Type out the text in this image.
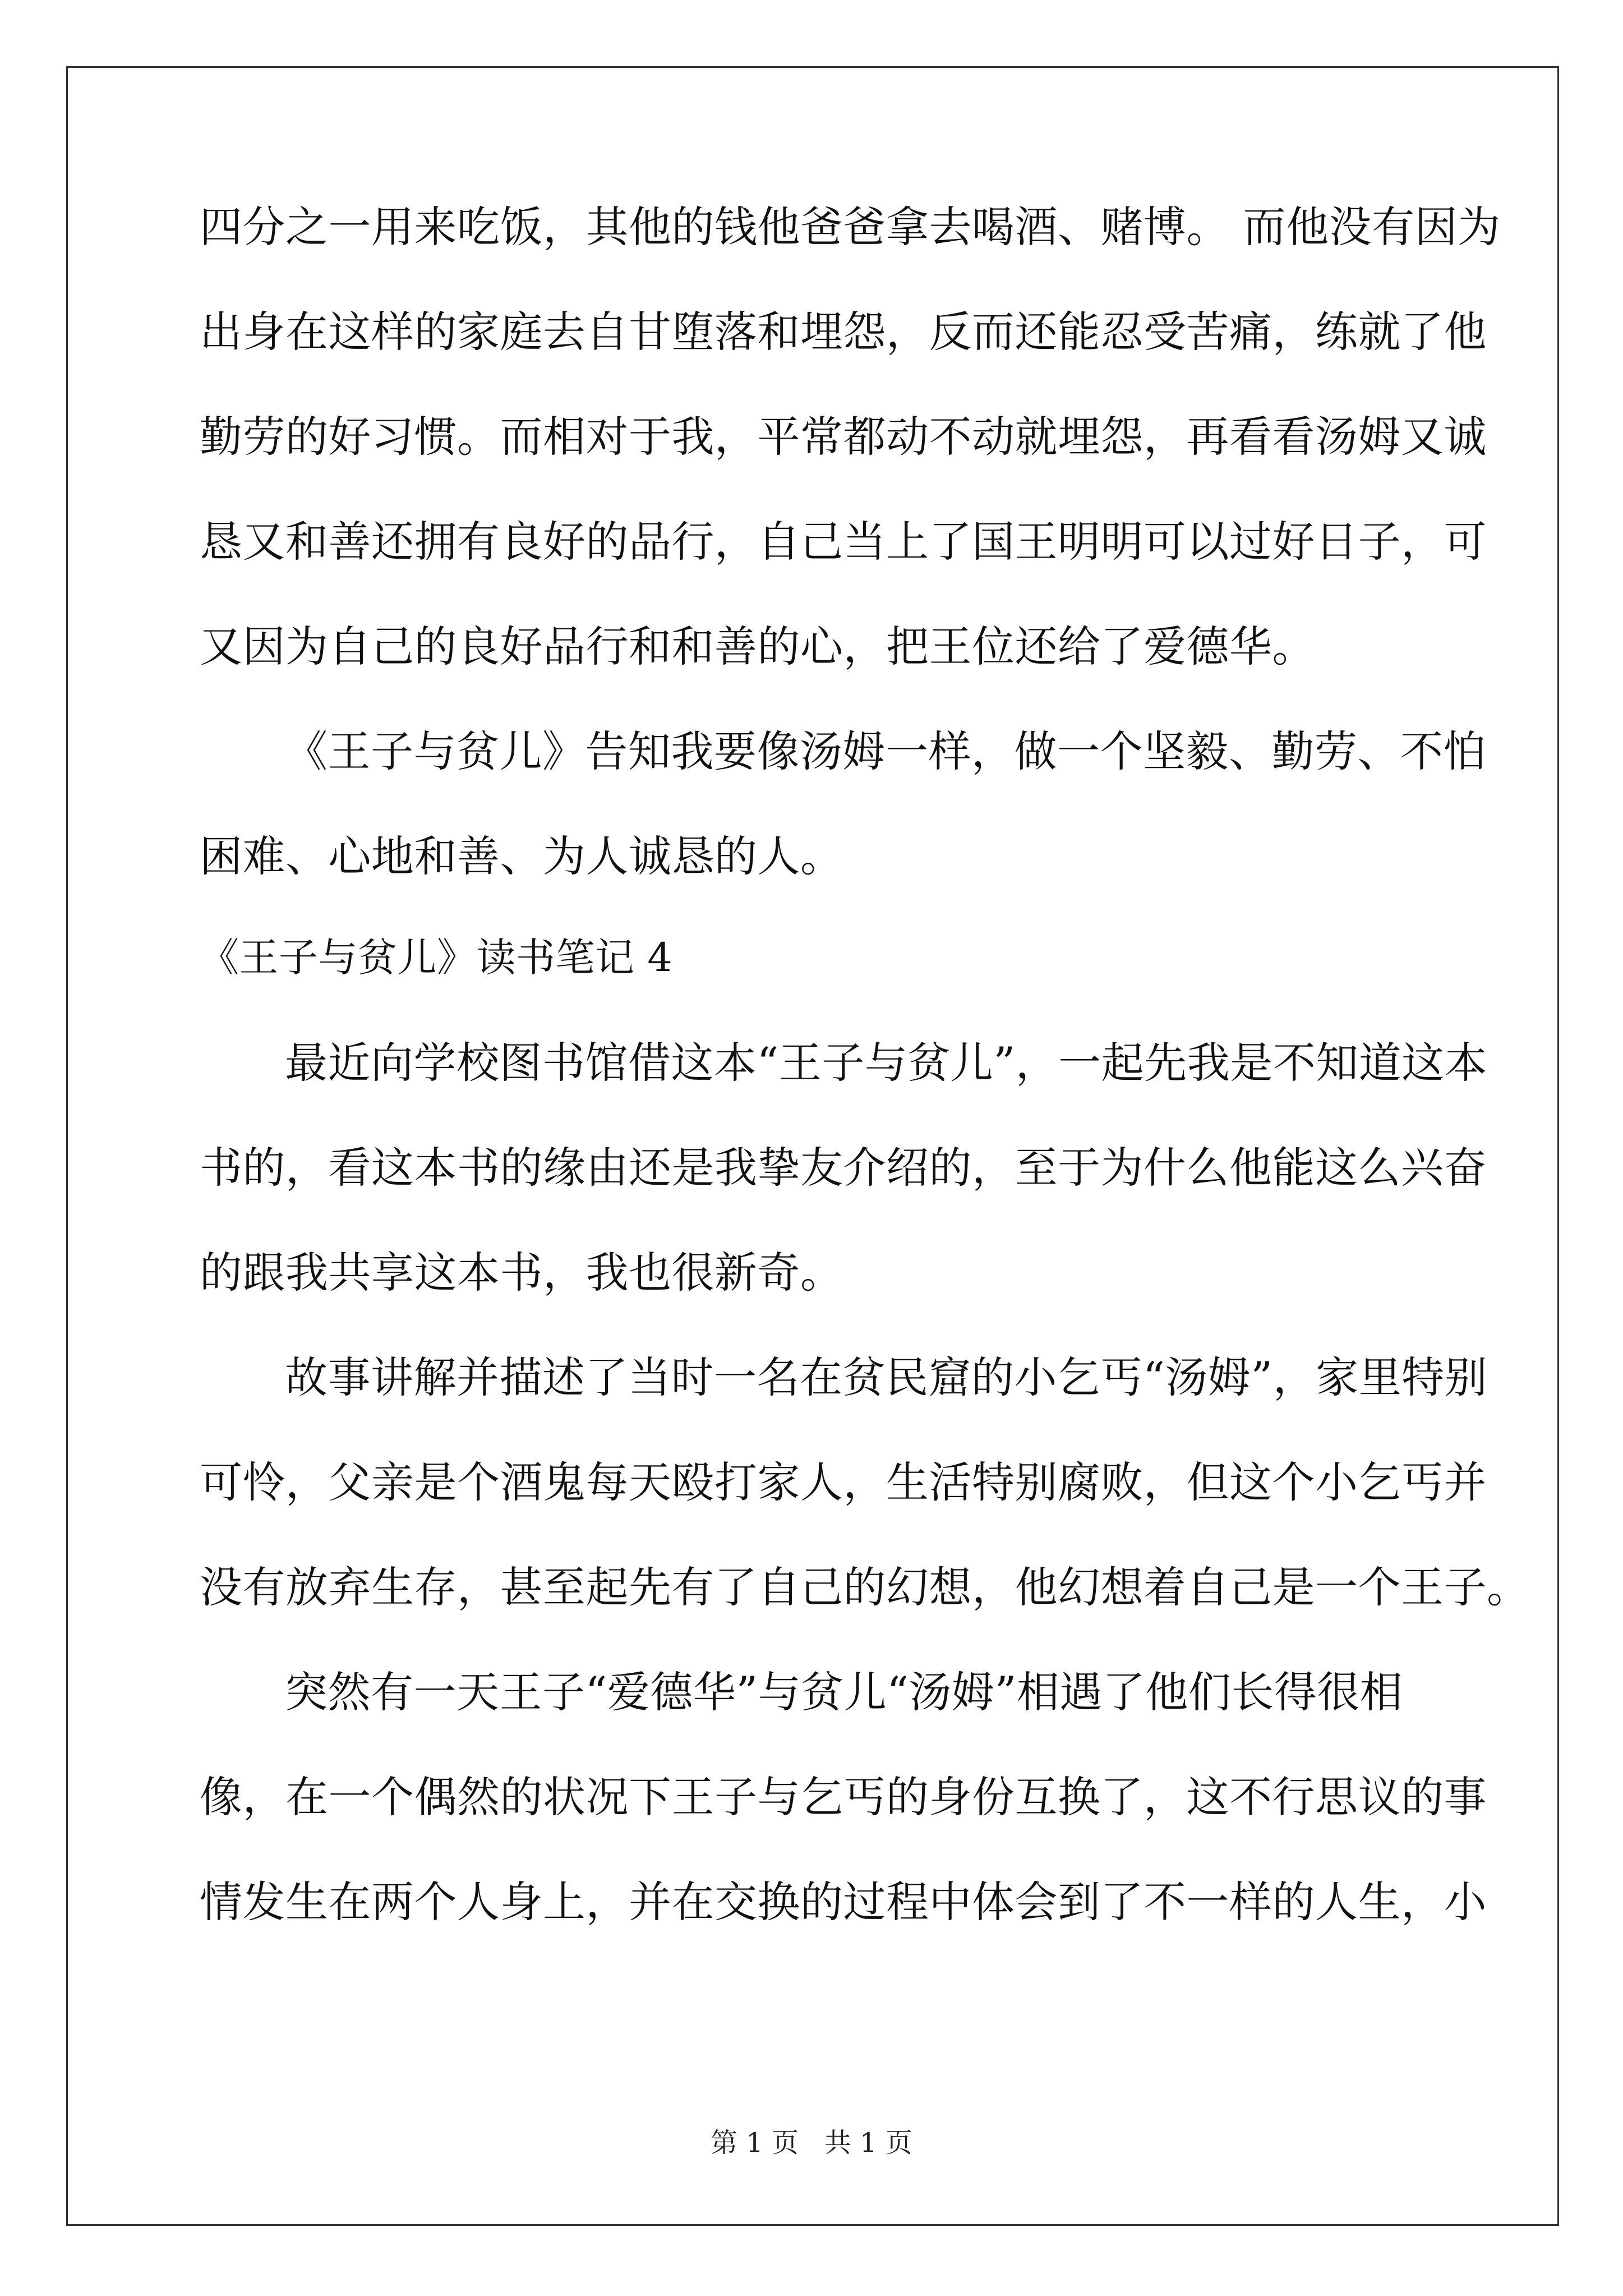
四分之一用来吃饭，其他的钱他爸爸拿去喝酒、赌博。 而他没有因为
出身在这样的家庭去自甘堕落和埋怨，反而还能忍受苦痛，练就了他
勤劳的好习惯。而相对于我，平常都动不动就埋怨，再看看汤姆又诚
恳又和善还拥有良好的品行，自己当上了国王明明可以过好日子，可
又因为自己的良好品行和和善的心，把王位还给了爱德华。
《王子与贫儿》告知我要像汤姆一样，做一个坚毅、勤劳、不怕
困难、心地和善、为人诚恳的人。
《王子与贫儿》读书笔记 4
最近向学校图书馆借这本“王子与贫儿”，一起先我是不知道这本
书的，看这本书的缘由还是我挚友介绍的，至于为什么他能这么兴奋
的跟我共享这本书，我也很新奇。
故事讲解并描述了当时一名在贫民窟的小乞丐“汤姆”，家里特别
可怜，父亲是个酒鬼每天殴打家人，生活特别腐败，但这个小乞丐并
没有放弃生存，甚至起先有了自己的幻想，他幻想着自己是一个王子。
突然有一天王子“爱德华”与贫儿“汤姆”相遇了他们长得很相
像，在一个偶然的状况下王子与乞丐的身份互换了，这不行思议的事
情发生在两个人身上，并在交换的过程中体会到了不一样的人生，小
第 1 页   共 1 页
